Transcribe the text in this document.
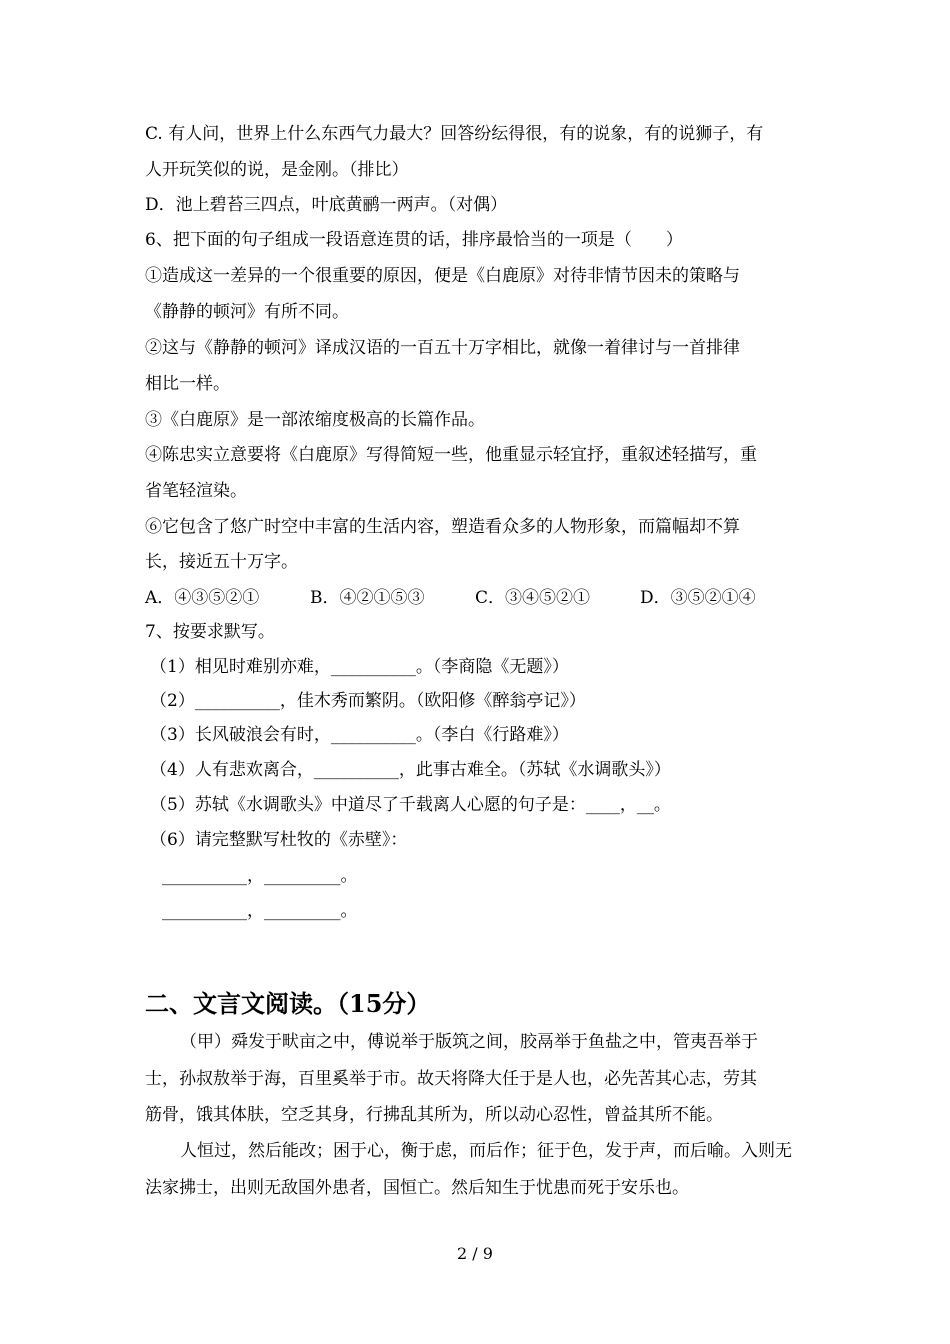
C. 有人问，世界上什么东西气力最大？回答纷纭得很，有的说象，有的说狮子，有
人开玩笑似的说，是金刚。（排比）
D．池上碧苔三四点，叶底黄鹂一两声。（对偶）
6、把下面的句子组成一段语意连贯的话，排序最恰当的一项是（　　）
①造成这一差异的一个很重要的原因，便是《白鹿原》对待非情节因未的策略与
《静静的顿河》有所不同。
②这与《静静的顿河》译成汉语的一百五十万字相比，就像一着律讨与一首排律
相比一样。
③《白鹿原》是一部浓缩度极高的长篇作品。
④陈忠实立意要将《白鹿原》写得简短一些，他重显示轻宜抒，重叙述轻描写，重
省笔轻渲染。
⑥它包含了悠广时空中丰富的生活内容，塑造看众多的人物形象，而篇幅却不算
长，接近五十万字。
A．④③⑤②①	B．④②①⑤③	C．③④⑤②①	D．③⑤②①④
7、按要求默写。
（1）相见时难别亦难，__________。（李商隐《无题》）
（2）__________，佳木秀而繁阴。（欧阳修《醉翁亭记》）
（3）长风破浪会有时，__________。（李白《行路难》）
（4）人有悲欢离合，__________，此事古难全。（苏轼《水调歌头》）
（5）苏轼《水调歌头》中道尽了千载离人心愿的句子是：____，__。
（6）请完整默写杜牧的《赤壁》：
__________，_________。
__________，_________。
二、文言文阅读。（15分）
（甲）舜发于畎亩之中，傅说举于版筑之间，胶鬲举于鱼盐之中，管夷吾举于
士，孙叔敖举于海，百里奚举于市。故天将降大任于是人也，必先苦其心志，劳其
筋骨，饿其体肤，空乏其身，行拂乱其所为，所以动心忍性，曾益其所不能。
人恒过，然后能改；困于心，衡于虑，而后作；征于色，发于声，而后喻。入则无
法家拂士，出则无敌国外患者，国恒亡。然后知生于忧患而死于安乐也。
2 / 9
